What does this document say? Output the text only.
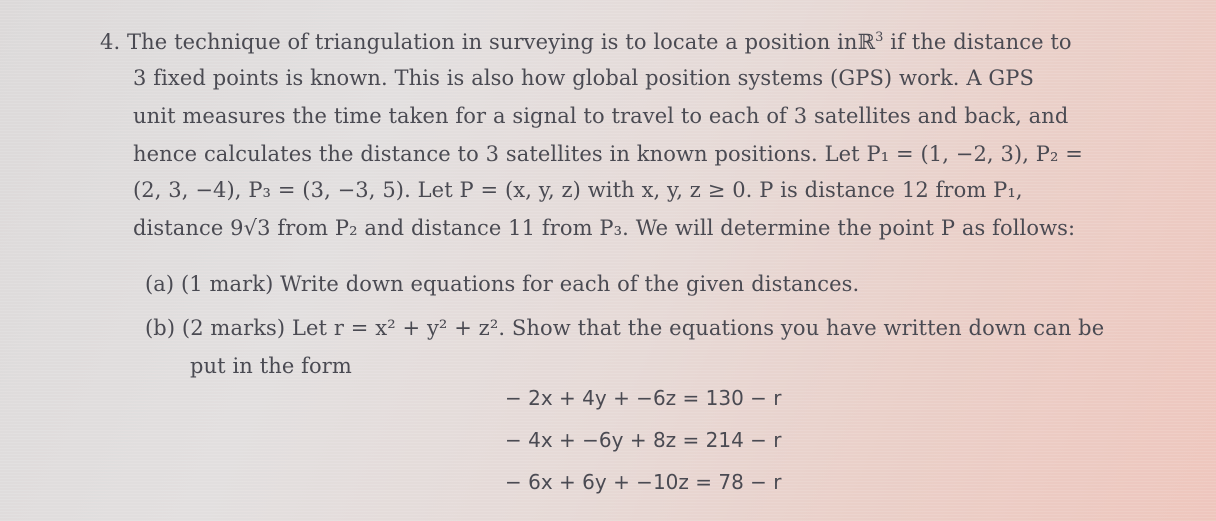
4. The technique of triangulation in surveying is to locate a position inℝ$^3$ if the distance to
3 fixed points is known. This is also how global position systems (GPS) work. A GPS
unit measures the time taken for a signal to travel to each of 3 satellites and back, and
hence calculates the distance to 3 satellites in known positions. Let P₁ = (1, −2, 3), P₂ =
(2, 3, −4), P₃ = (3, −3, 5). Let P = (x, y, z) with x, y, z ≥ 0. P is distance 12 from P₁,
distance 9√3 from P₂ and distance 11 from P₃. We will determine the point P as follows:
(a) (1 mark) Write down equations for each of the given distances.
(b) (2 marks) Let r = x² + y² + z². Show that the equations you have written down can be
put in the form
− 2x + 4y + −6z = 130 − r
− 4x + −6y + 8z = 214 − r
− 6x + 6y + −10z = 78 − r
